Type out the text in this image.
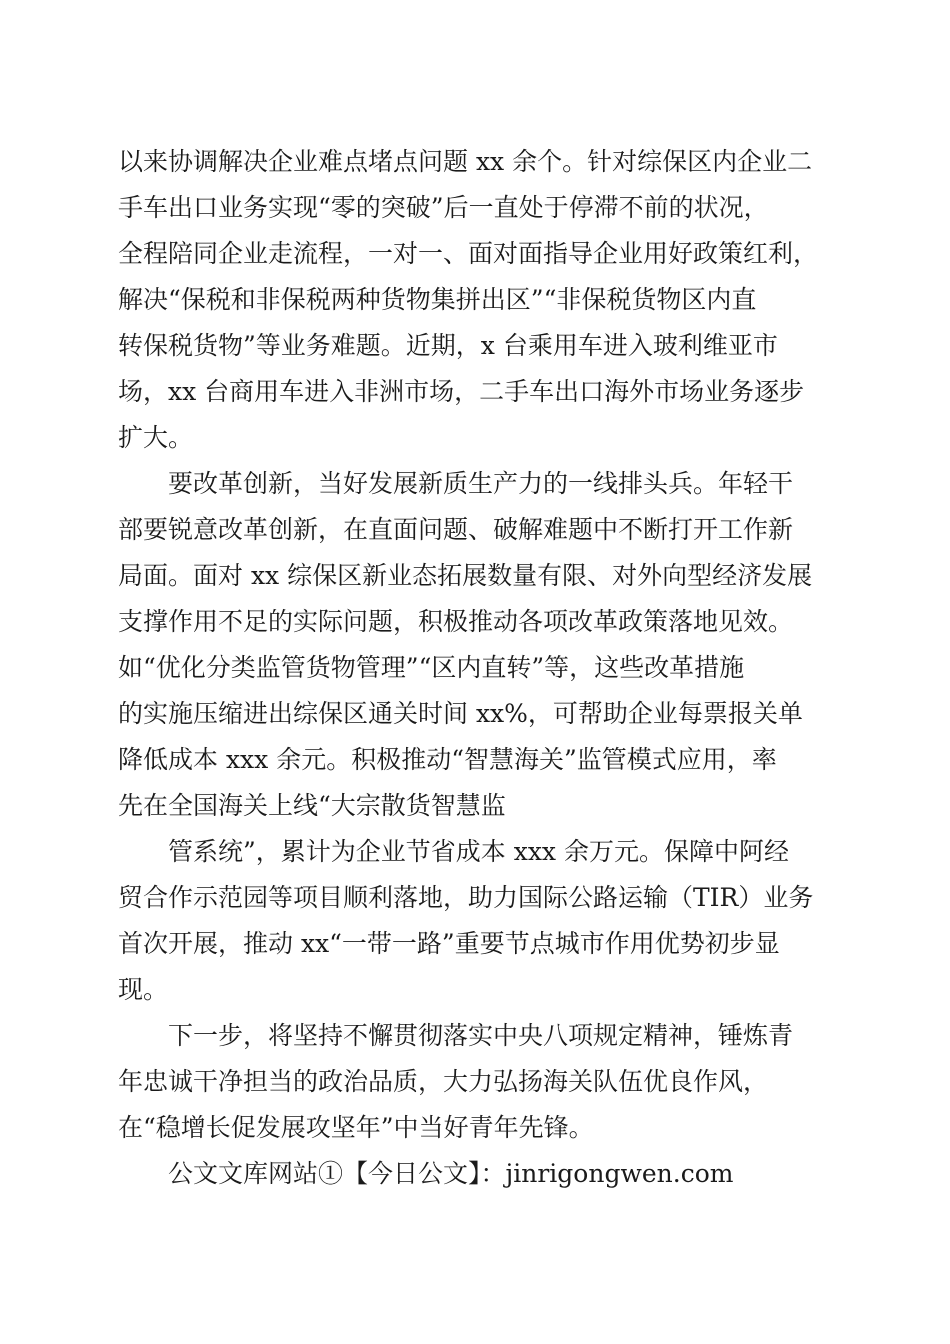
以来协调解决企业难点堵点问题 xx 余个。针对综保区内企业二
手车出口业务实现“零的突破”后一直处于停滞不前的状况，
全程陪同企业走流程，一对一、面对面指导企业用好政策红利，
解决“保税和非保税两种货物集拼出区”“非保税货物区内直
转保税货物”等业务难题。近期，x 台乘用车进入玻利维亚市
场，xx 台商用车进入非洲市场，二手车出口海外市场业务逐步
扩大。
要改革创新，当好发展新质生产力的一线排头兵。年轻干
部要锐意改革创新，在直面问题、破解难题中不断打开工作新
局面。面对 xx 综保区新业态拓展数量有限、对外向型经济发展
支撑作用不足的实际问题，积极推动各项改革政策落地见效。
如“优化分类监管货物管理”“区内直转”等，这些改革措施
的实施压缩进出综保区通关时间 xx%，可帮助企业每票报关单
降低成本 xxx 余元。积极推动“智慧海关”监管模式应用，率
先在全国海关上线“大宗散货智慧监
管系统”，累计为企业节省成本 xxx 余万元。保障中阿经
贸合作示范园等项目顺利落地，助力国际公路运输（TIR）业务
首次开展，推动 xx“一带一路”重要节点城市作用优势初步显
现。
下一步，将坚持不懈贯彻落实中央八项规定精神，锤炼青
年忠诚干净担当的政治品质，大力弘扬海关队伍优良作风，
在“稳增长促发展攻坚年”中当好青年先锋。
公文文库网站①【今日公文】：jinrigongwen.com
